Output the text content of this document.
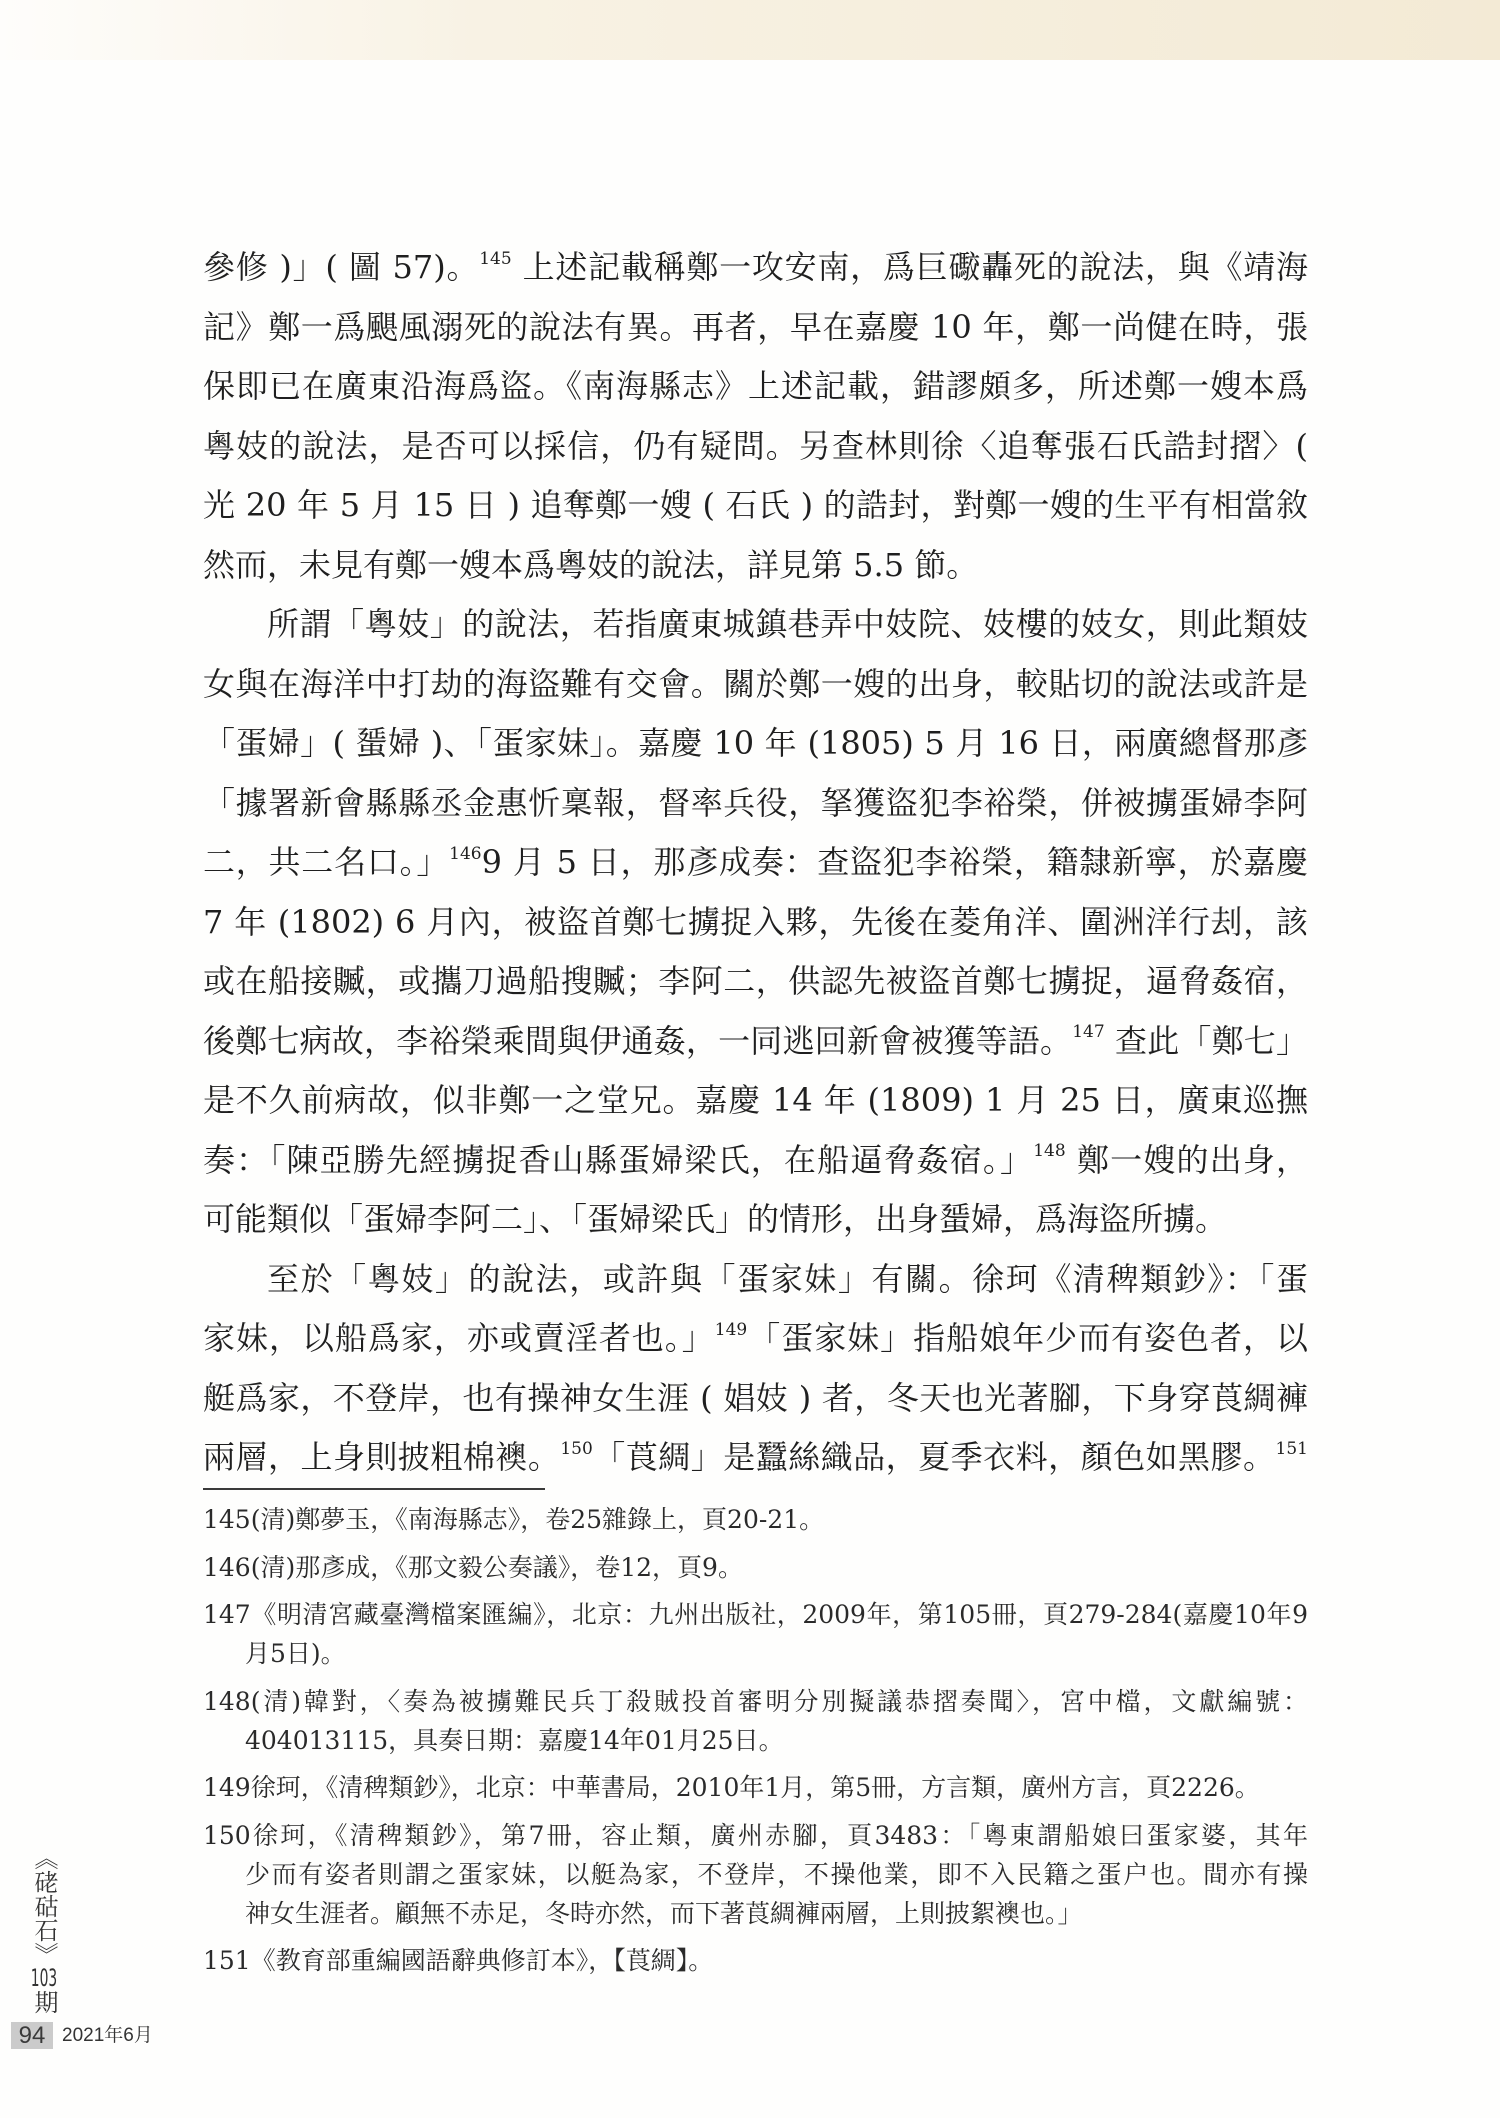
參修 )」( 圖 57)。$^{145}$ 上述記載稱鄭一攻安南，爲巨礮轟死的說法，與《靖海
記》鄭一爲颶風溺死的說法有異。再者，早在嘉慶 10 年，鄭一尚健在時，張
保即已在廣東沿海爲盜。《南海縣志》上述記載，錯謬頗多，所述鄭一嫂本爲
粵妓的說法，是否可以採信，仍有疑問。另查林則徐〈追奪張石氏誥封摺〉(
光 20 年 5 月 15 日 ) 追奪鄭一嫂 ( 石氏 ) 的誥封，對鄭一嫂的生平有相當敘
然而，未見有鄭一嫂本爲粵妓的說法，詳見第 5.5 節。
所謂「粵妓」的說法，若指廣東城鎮巷弄中妓院、妓樓的妓女，則此類妓
女與在海洋中打劫的海盜難有交會。關於鄭一嫂的出身，較貼切的說法或許是
「蛋婦」( 蜑婦 )、「蛋家妹」。嘉慶 10 年 (1805) 5 月 16 日，兩廣總督那彥
「據署新會縣縣丞金惠忻稟報，督率兵役，拏獲盜犯李裕榮，併被擄蛋婦李阿
二，共二名口。」$^{146}$9 月 5 日，那彥成奏：查盜犯李裕榮，籍隸新寧，於嘉慶
7 年 (1802) 6 月內，被盜首鄭七擄捉入夥，先後在菱角洋、圍洲洋行刦，該
或在船接贓，或攜刀過船搜贓；李阿二，供認先被盜首鄭七擄捉，逼脅姦宿，
後鄭七病故，李裕榮乘間與伊通姦，一同逃回新會被獲等語。$^{147}$ 查此「鄭七」
是不久前病故，似非鄭一之堂兄。嘉慶 14 年 (1809) 1 月 25 日，廣東巡撫
奏：「陳亞勝先經擄捉香山縣蛋婦梁氏，在船逼脅姦宿。」$^{148}$ 鄭一嫂的出身，
可能類似「蛋婦李阿二」、「蛋婦梁氏」的情形，出身蜑婦，爲海盜所擄。
至於「粵妓」的說法，或許與「蛋家妹」有關。徐珂《清稗類鈔》：「蛋
家妹，以船爲家，亦或賣淫者也。」$^{149}$「蛋家妹」指船娘年少而有姿色者，以
艇爲家，不登岸，也有操神女生涯 ( 娼妓 ) 者，冬天也光著腳，下身穿莨綢褲
兩層，上身則披粗棉襖。$^{150}$「莨綢」是蠶絲織品，夏季衣料，顏色如黑膠。$^{151}$
145(清)鄭夢玉，《南海縣志》，卷25雜錄上，頁20-21。
146(清)那彥成，《那文毅公奏議》，卷12，頁9。
147《明清宮藏臺灣檔案匯編》，北京：九州出版社，2009年，第105冊，頁279-284(嘉慶10年9
月5日)。
148(清)韓對，〈奏為被擄難民兵丁殺賊投首審明分別擬議恭摺奏聞〉，宮中檔，文獻編號：
404013115，具奏日期：嘉慶14年01月25日。
149徐珂，《清稗類鈔》，北京：中華書局，2010年1月，第5冊，方言類，廣州方言，頁2226。
150徐珂，《清稗類鈔》，第7冊，容止類，廣州赤腳，頁3483：「粵東謂船娘曰蛋家婆，其年
少而有姿者則謂之蛋家妹，以艇為家，不登岸，不操他業，即不入民籍之蛋户也。間亦有操
神女生涯者。顧無不赤足，冬時亦然，而下著莨綢褲兩層，上則披絮襖也。」
151《教育部重編國語辭典修訂本》，【莨綢】。
《硓𥑮石》103期
94 2021年6月
